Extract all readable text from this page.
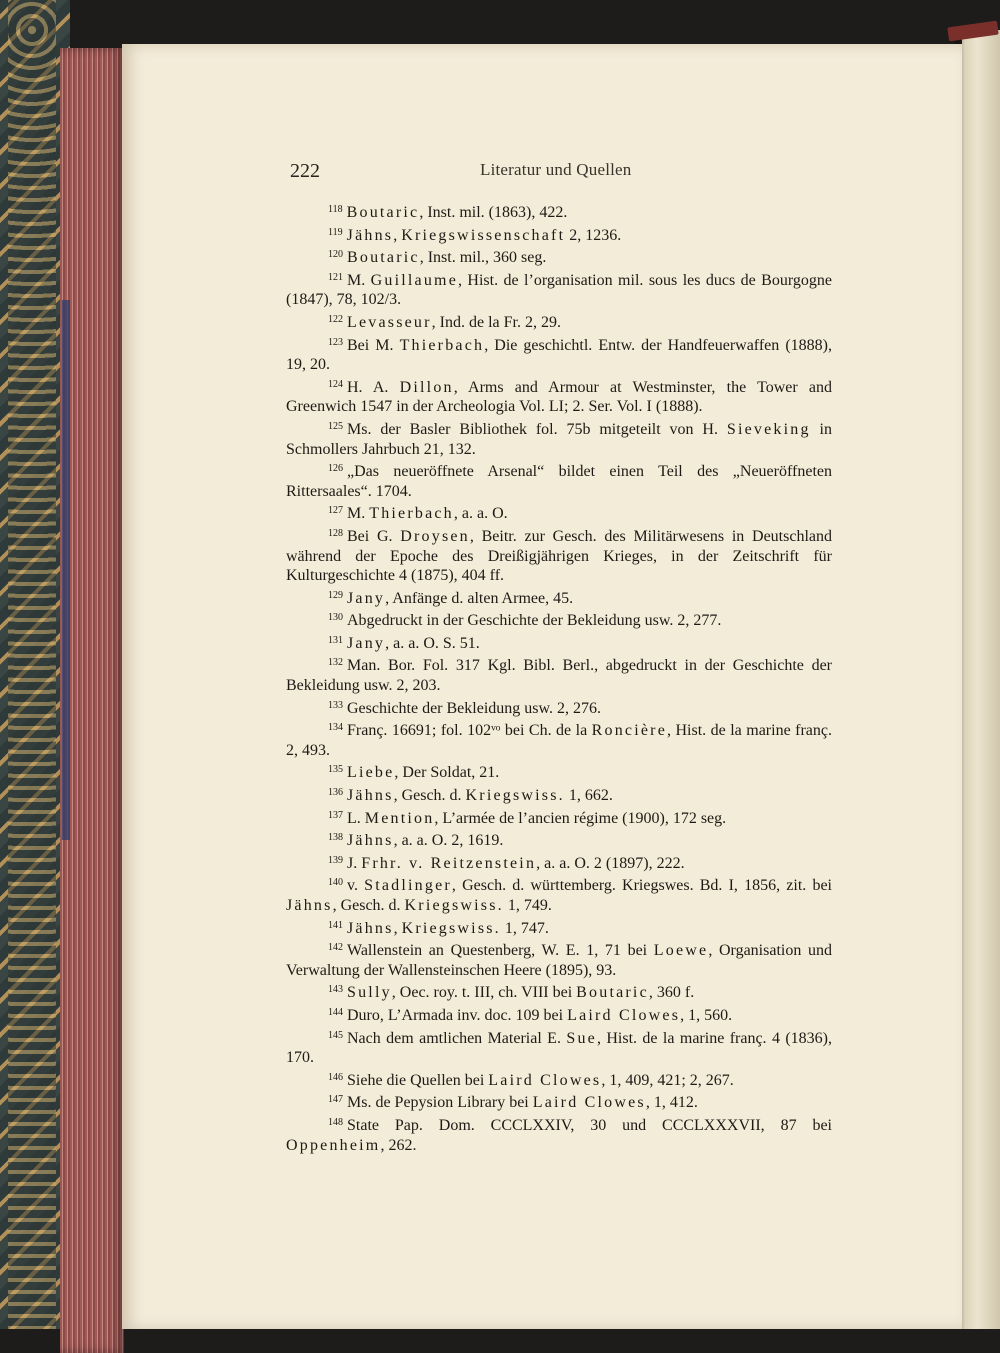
222	Literatur und Quellen

$^{118}$ Boutaric, Inst. mil. (1863), 422.

$^{119}$ Jähns, Kriegswissenschaft 2, 1236.

$^{120}$ Boutaric, Inst. mil., 360 seg.

$^{121}$ M. Guillaume, Hist. de l’organisation mil. sous les ducs de Bourgogne (1847), 78, 102/3.

$^{122}$ Levasseur, Ind. de la Fr. 2, 29.

$^{123}$ Bei M. Thierbach, Die geschichtl. Entw. der Handfeuerwaffen (1888), 19, 20.

$^{124}$ H. A. Dillon, Arms and Armour at Westminster, the Tower and Greenwich 1547 in der Archeologia Vol. LI; 2. Ser. Vol. I (1888).

$^{125}$ Ms. der Basler Bibliothek fol. 75b mitgeteilt von H. Sieveking in Schmollers Jahrbuch 21, 132.

$^{126}$ „Das neueröffnete Arsenal“ bildet einen Teil des „Neueröffneten Rittersaales“. 1704.

$^{127}$ M. Thierbach, a. a. O.

$^{128}$ Bei G. Droysen, Beitr. zur Gesch. des Militärwesens in Deutschland während der Epoche des Dreißigjährigen Krieges, in der Zeitschrift für Kulturgeschichte 4 (1875), 404 ff.

$^{129}$ Jany, Anfänge d. alten Armee, 45.

$^{130}$ Abgedruckt in der Geschichte der Bekleidung usw. 2, 277.

$^{131}$ Jany, a. a. O. S. 51.

$^{132}$ Man. Bor. Fol. 317 Kgl. Bibl. Berl., abgedruckt in der Geschichte der Bekleidung usw. 2, 203.

$^{133}$ Geschichte der Bekleidung usw. 2, 276.

$^{134}$ Franç. 16691; fol. 102ᵛᵒ bei Ch. de la Roncière, Hist. de la marine franç. 2, 493.

$^{135}$ Liebe, Der Soldat, 21.

$^{136}$ Jähns, Gesch. d. Kriegswiss. 1, 662.

$^{137}$ L. Mention, L’armée de l’ancien régime (1900), 172 seg.

$^{138}$ Jähns, a. a. O. 2, 1619.

$^{139}$ J. Frhr. v. Reitzenstein, a. a. O. 2 (1897), 222.

$^{140}$ v. Stadlinger, Gesch. d. württemberg. Kriegswes. Bd. I, 1856, zit. bei Jähns, Gesch. d. Kriegswiss. 1, 749.

$^{141}$ Jähns, Kriegswiss. 1, 747.

$^{142}$ Wallenstein an Questenberg, W. E. 1, 71 bei Loewe, Organisation und Verwaltung der Wallensteinschen Heere (1895), 93.

$^{143}$ Sully, Oec. roy. t. III, ch. VIII bei Boutaric, 360 f.

$^{144}$ Duro, L’Armada inv. doc. 109 bei Laird Clowes, 1, 560.

$^{145}$ Nach dem amtlichen Material E. Sue, Hist. de la marine franç. 4 (1836), 170.

$^{146}$ Siehe die Quellen bei Laird Clowes, 1, 409, 421; 2, 267.

$^{147}$ Ms. de Pepysion Library bei Laird Clowes, 1, 412.

$^{148}$ State Pap. Dom. CCCLXXIV, 30 und CCCLXXXVII, 87 bei Oppenheim, 262.
